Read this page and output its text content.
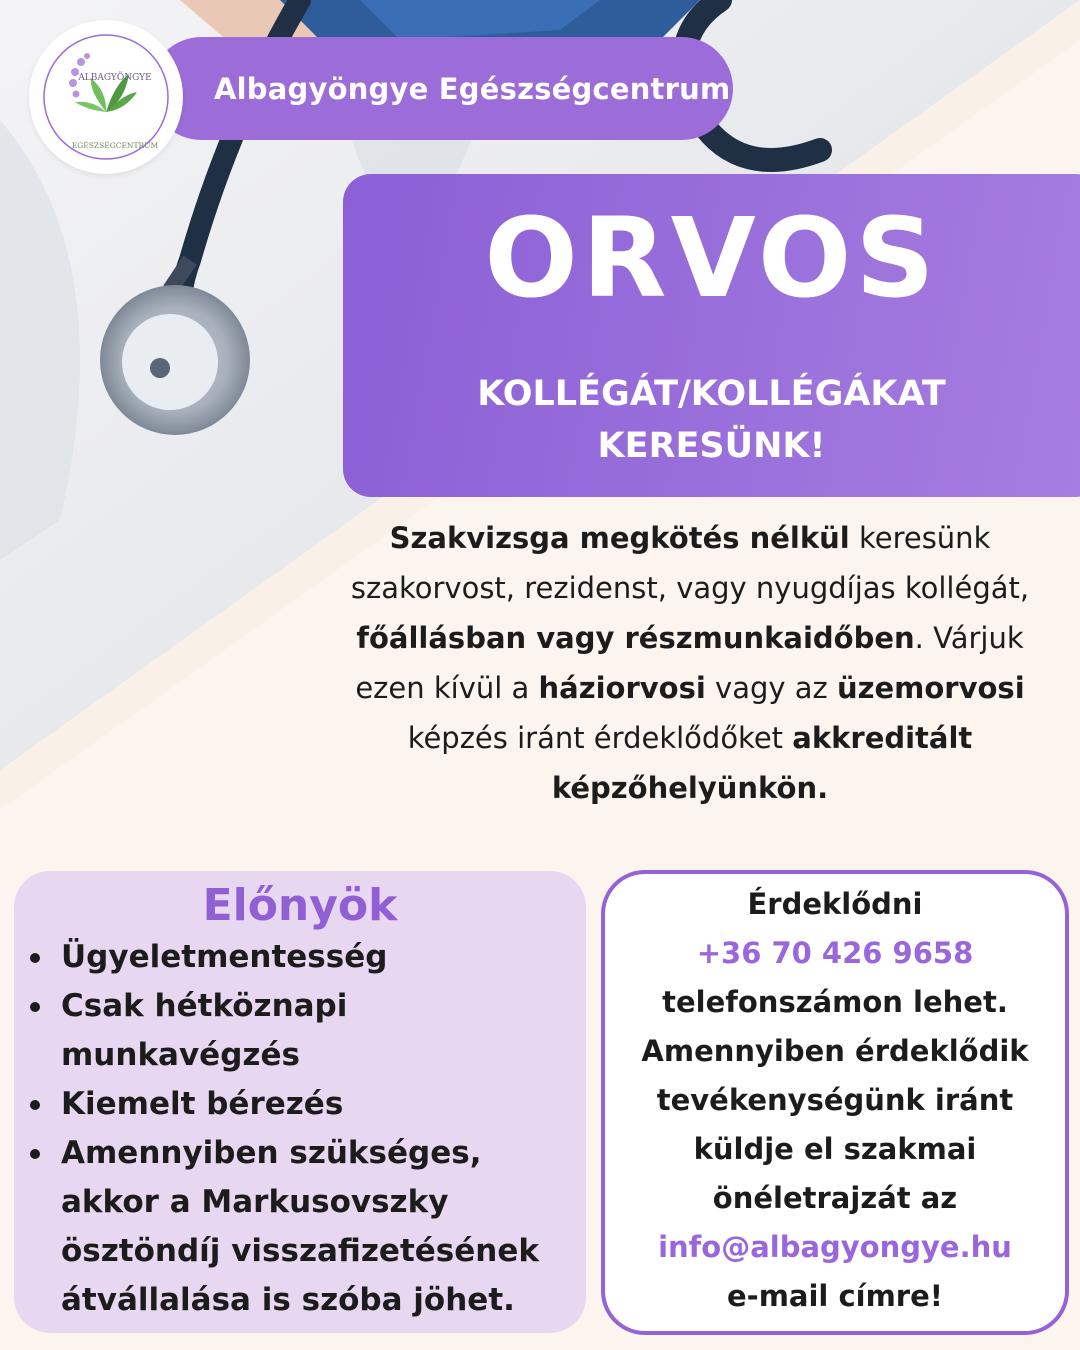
Albagyöngye Egészségcentrum
ALBAGYÖNGYE
EGÉSZSÉGCENTRUM
ORVOS
KOLLÉGÁT/KOLLÉGÁKAT
KERESÜNK!

Szakvizsga megkötés nélkül keresünk szakorvost, rezidenst, vagy nyugdíjas kollégát, főállásban vagy részmunkaidőben. Várjuk ezen kívül a háziorvosi vagy az üzemorvosi képzés iránt érdeklődőket akkreditált képzőhelyünkön.

Előnyök
Ügyeletmentesség
Csak hétköznapi munkavégzés
Kiemelt bérezés
Amennyiben szükséges, akkor a Markusovszky ösztöndíj visszafizetésének átvállalása is szóba jöhet.
Érdeklődni
+36 70 426 9658
telefonszámon lehet. Amennyiben érdeklődik tevékenységünk iránt küldje el szakmai önéletrajzát az
info@albagyongye.hu
e-mail címre!
